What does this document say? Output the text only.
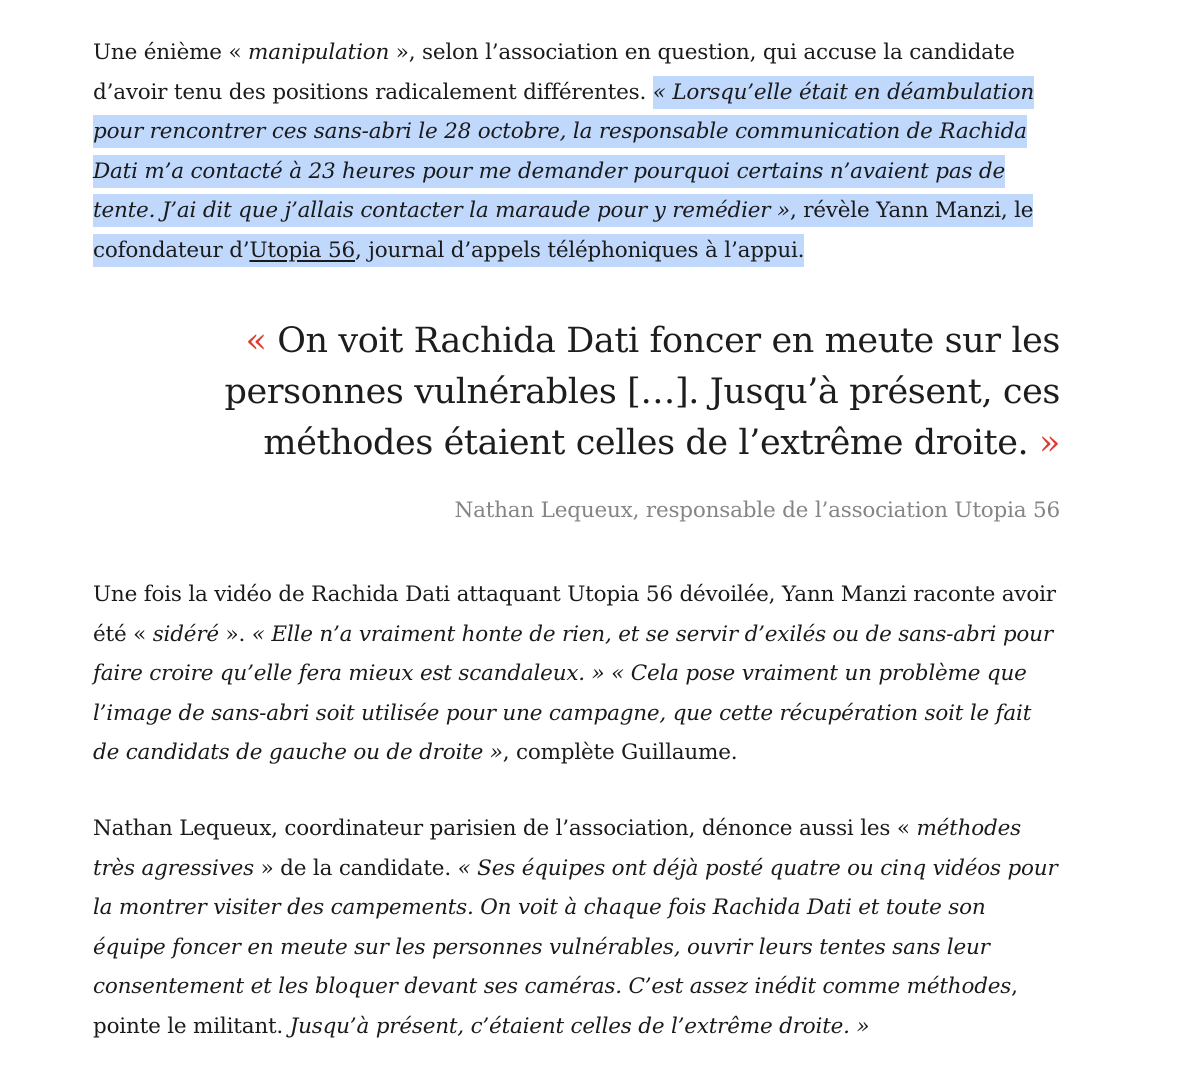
Une énième « manipulation », selon l’association en question, qui accuse la candidate d’avoir tenu des positions radicalement différentes. « Lorsqu’elle était en déambulation pour rencontrer ces sans-abri le 28 octobre, la responsable communication de Rachida Dati m’a contacté à 23 heures pour me demander pourquoi certains n’avaient pas de tente. J’ai dit que j’allais contacter la maraude pour y remédier », révèle Yann Manzi, le cofondateur d’Utopia 56, journal d’appels téléphoniques à l’appui.

« On voit Rachida Dati foncer en meute sur les personnes vulnérables […]. Jusqu’à présent, ces méthodes étaient celles de l’extrême droite. »
Nathan Lequeux, responsable de l’association Utopia 56

Une fois la vidéo de Rachida Dati attaquant Utopia 56 dévoilée, Yann Manzi raconte avoir été « sidéré ». « Elle n’a vraiment honte de rien, et se servir d’exilés ou de sans-abri pour faire croire qu’elle fera mieux est scandaleux. » « Cela pose vraiment un problème que l’image de sans-abri soit utilisée pour une campagne, que cette récupération soit le fait de candidats de gauche ou de droite », complète Guillaume.

Nathan Lequeux, coordinateur parisien de l’association, dénonce aussi les « méthodes très agressives » de la candidate. « Ses équipes ont déjà posté quatre ou cinq vidéos pour la montrer visiter des campements. On voit à chaque fois Rachida Dati et toute son équipe foncer en meute sur les personnes vulnérables, ouvrir leurs tentes sans leur consentement et les bloquer devant ses caméras. C’est assez inédit comme méthodes, pointe le militant. Jusqu’à présent, c’étaient celles de l’extrême droite. »
